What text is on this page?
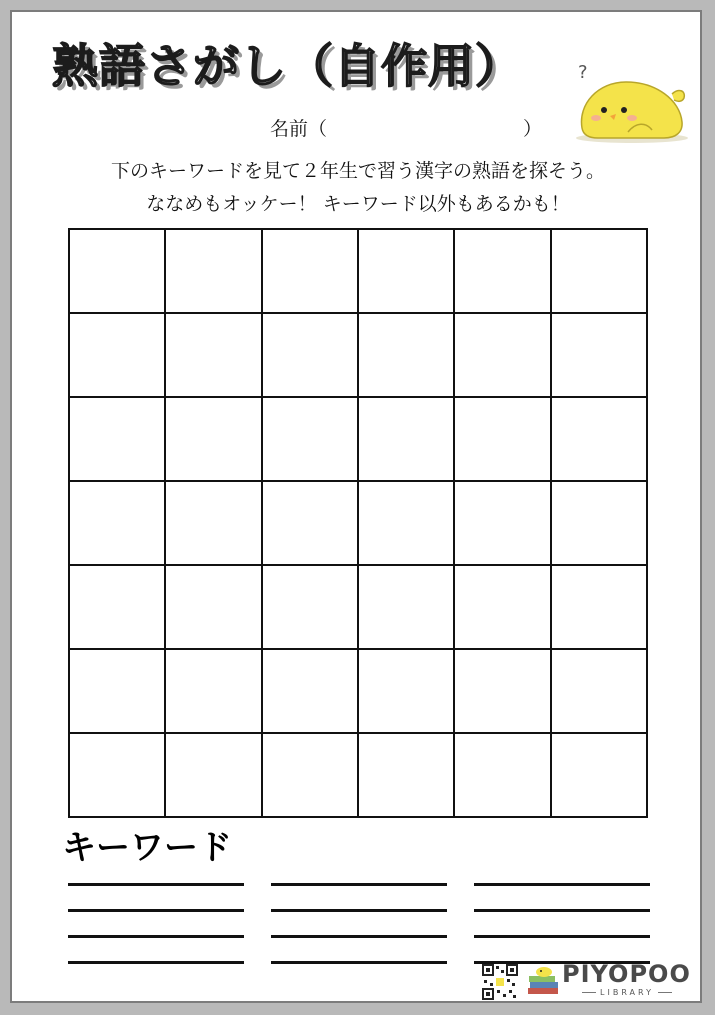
熟語さがし（自作用）	?
名前（	）
下のキーワードを見て２年生で習う漢字の熟語を探そう。
ななめもオッケー！ キーワード以外もあるかも！
キーワード
PIYOPOO
LIBRARY
